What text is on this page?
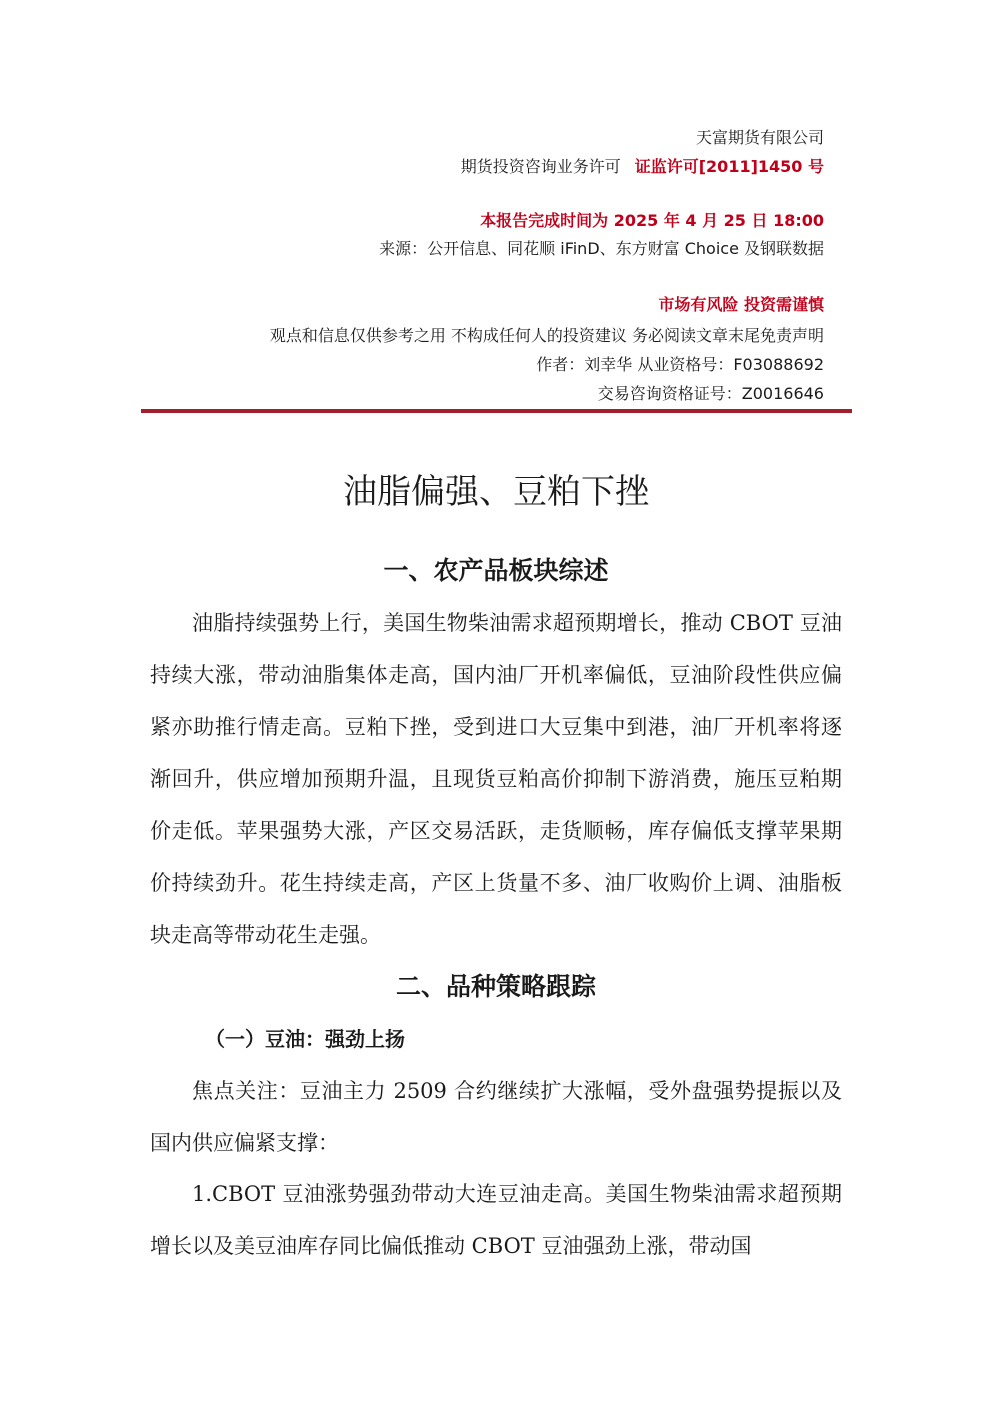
天富期货有限公司
期货投资咨询业务许可 证监许可[2011]1450 号
本报告完成时间为 2025 年 4 月 25 日 18:00
来源：公开信息、同花顺 iFinD、东方财富 Choice 及钢联数据
市场有风险 投资需谨慎
观点和信息仅供参考之用 不构成任何人的投资建议 务必阅读文章末尾免责声明
作者：刘幸华 从业资格号：F03088692
交易咨询资格证号：Z0016646
油脂偏强、豆粕下挫
一、农产品板块综述

油脂持续强势上行，美国生物柴油需求超预期增长，推动 CBOT 豆油持续大涨，带动油脂集体走高，国内油厂开机率偏低，豆油阶段性供应偏紧亦助推行情走高。豆粕下挫，受到进口大豆集中到港，油厂开机率将逐渐回升，供应增加预期升温，且现货豆粕高价抑制下游消费，施压豆粕期价走低。苹果强势大涨，产区交易活跃，走货顺畅，库存偏低支撑苹果期价持续劲升。花生持续走高，产区上货量不多、油厂收购价上调、油脂板块走高等带动花生走强。

二、品种策略跟踪
（一）豆油：强劲上扬

焦点关注：豆油主力 2509 合约继续扩大涨幅，受外盘强势提振以及国内供应偏紧支撑：

1.CBOT 豆油涨势强劲带动大连豆油走高。美国生物柴油需求超预期增长以及美豆油库存同比偏低推动 CBOT 豆油强劲上涨，带动国
